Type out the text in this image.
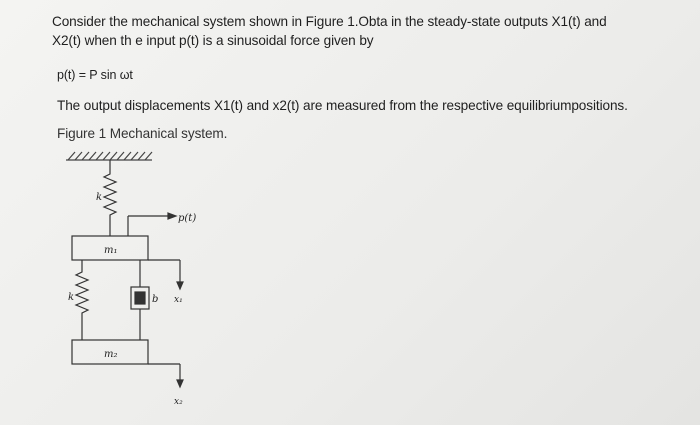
Consider the mechanical system shown in Figure 1.Obta in the steady-state outputs X1(t) and
X2(t) when th e input p(t) is a sinusoidal force given by
p(t) = P sin ωt
The output displacements X1(t) and x2(t) are measured from the respective equilibriumpositions.
Figure 1 Mechanical system.
k
p(t)
m₁
x₁
k	b
m₂
x₂
